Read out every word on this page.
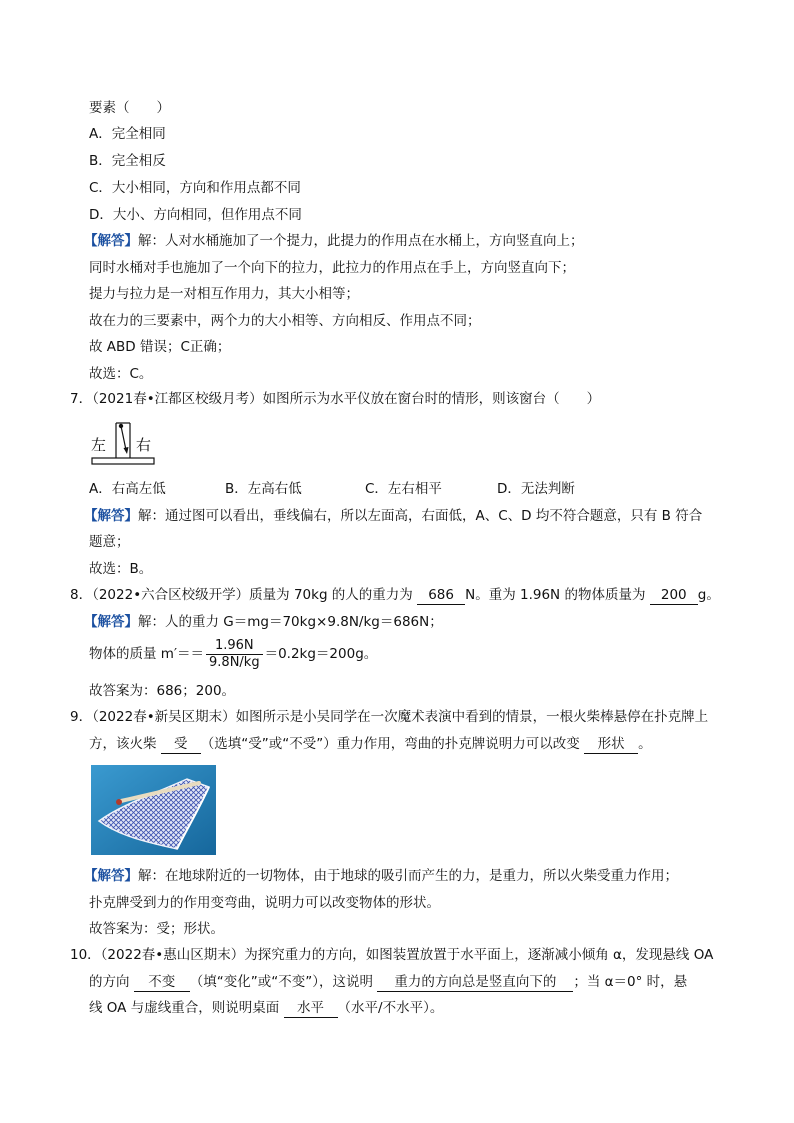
要素（　　）
A．完全相同
B．完全相反
C．大小相同，方向和作用点都不同
D．大小、方向相同，但作用点不同
【解答】解：人对水桶施加了一个提力，此提力的作用点在水桶上，方向竖直向上；
同时水桶对手也施加了一个向下的拉力，此拉力的作用点在手上，方向竖直向下；
提力与拉力是一对相互作用力，其大小相等；
故在力的三要素中，两个力的大小相等、方向相反、作用点不同；
故 ABD 错误；C正确；
故选：C。
7．（2021春•江都区校级月考）如图所示为水平仪放在窗台时的情形，则该窗台（　　）
左 右
A．右高左低	B．左高右低	C．左右相平	D．无法判断
【解答】解：通过图可以看出，垂线偏右，所以左面高，右面低，A、C、D 均不符合题意，只有 B 符合
题意；
故选：B。
8．（2022•六合区校级开学）质量为 70kg 的人的重力为 686 N。重为 1.96N 的物体质量为 200 g。
【解答】解：人的重力 G＝mg＝70kg×9.8N/kg＝686N；
物体的质量 $m'== \frac{1.96N}{9.8N/kg} =0.2kg=200g$。
故答案为：686；200。
9．（2022春•新吴区期末）如图所示是小吴同学在一次魔术表演中看到的情景，一根火柴棒悬停在扑克牌上
方，该火柴 受 （选填“受”或“不受”）重力作用，弯曲的扑克牌说明力可以改变 形状 。
【解答】解：在地球附近的一切物体，由于地球的吸引而产生的力，是重力，所以火柴受重力作用；
扑克牌受到力的作用变弯曲，说明力可以改变物体的形状。
故答案为：受；形状。
10．（2022春•惠山区期末）为探究重力的方向，如图装置放置于水平面上，逐渐减小倾角 α，发现悬线 OA
的方向 不变 （填“变化”或“不变”），这说明 重力的方向总是竖直向下的 ；当 α＝0° 时，悬
线 OA 与虚线重合，则说明桌面 水平 （水平/不水平）。
